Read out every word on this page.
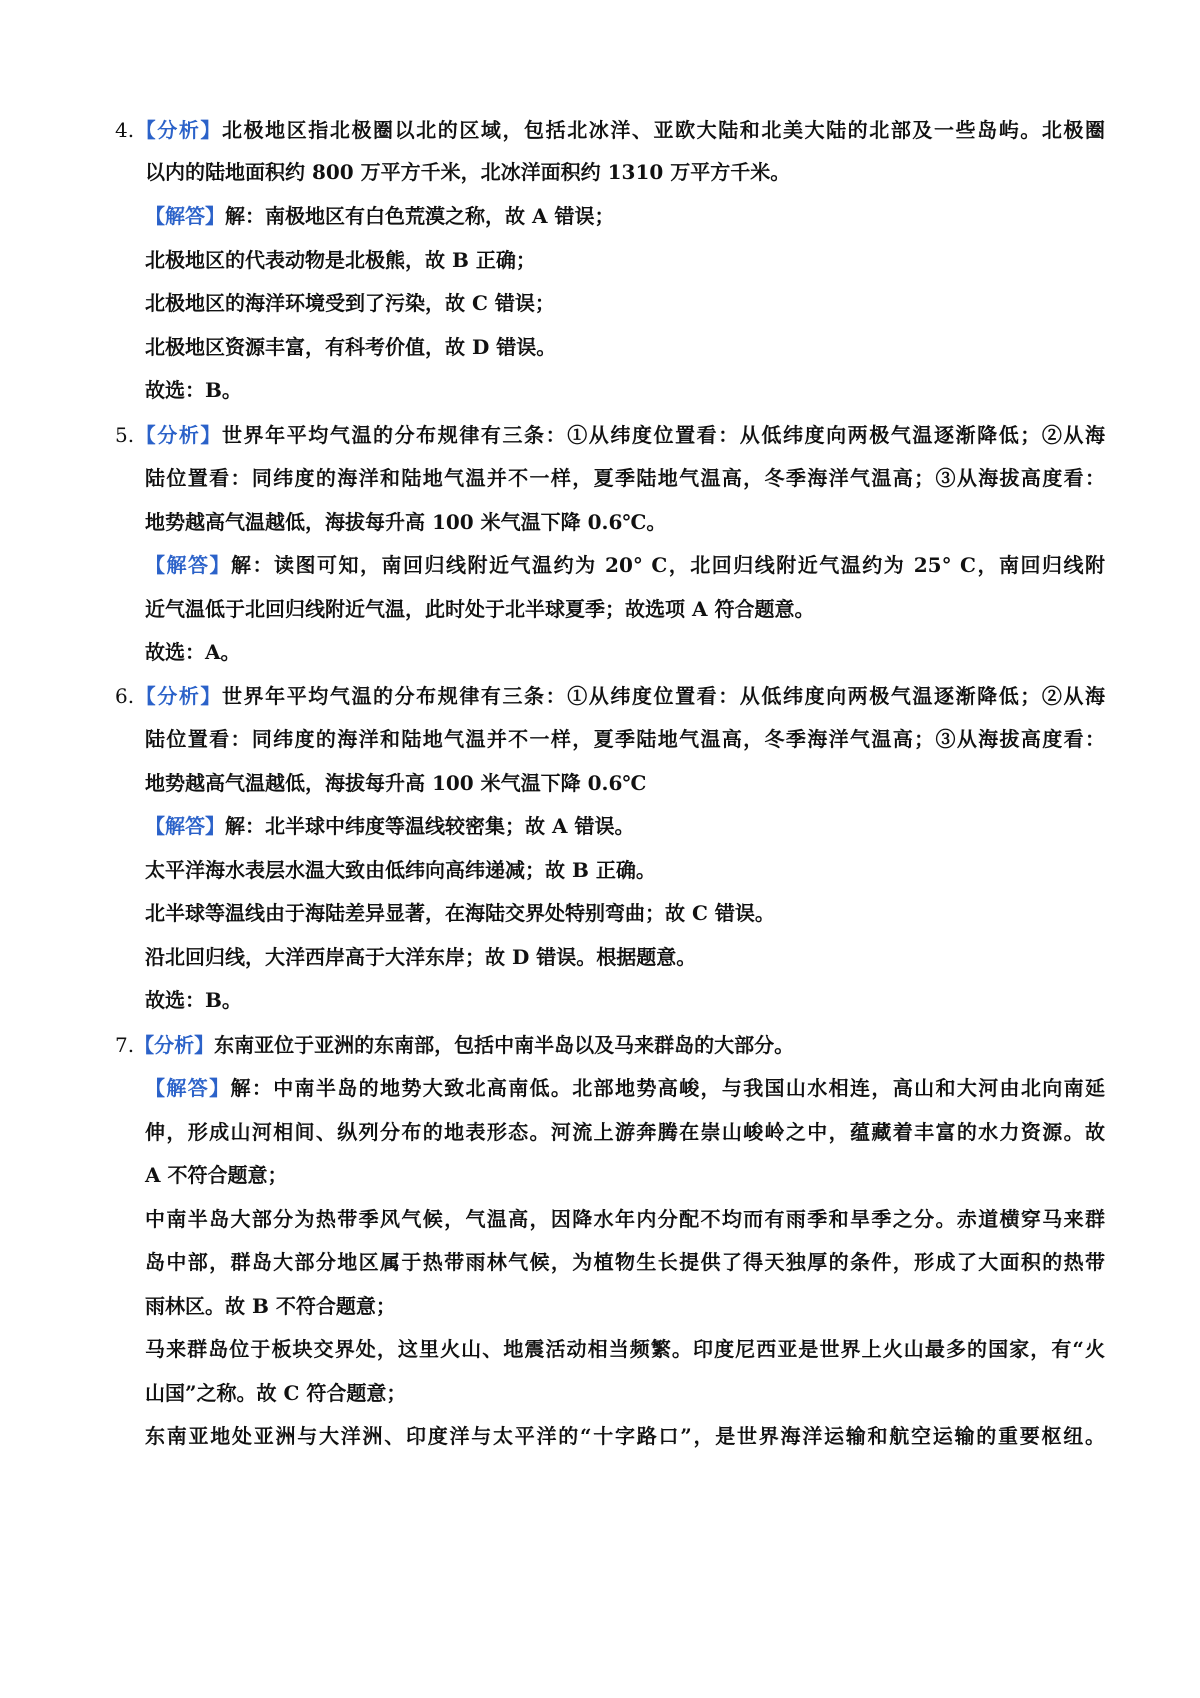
4.【分析】北极地区指北极圈以北的区域，包括北冰洋、亚欧大陆和北美大陆的北部及一些岛屿。北极圈
以内的陆地面积约 800 万平方千米，北冰洋面积约 1310 万平方千米。
【解答】解：南极地区有白色荒漠之称，故 A 错误；
北极地区的代表动物是北极熊，故 B 正确；
北极地区的海洋环境受到了污染，故 C 错误；
北极地区资源丰富，有科考价值，故 D 错误。
故选：B。
5.【分析】世界年平均气温的分布规律有三条：①从纬度位置看：从低纬度向两极气温逐渐降低；②从海
陆位置看：同纬度的海洋和陆地气温并不一样，夏季陆地气温高，冬季海洋气温高；③从海拔高度看：
地势越高气温越低，海拔每升高 100 米气温下降 0.6℃。
【解答】解：读图可知，南回归线附近气温约为 20° C，北回归线附近气温约为 25° C，南回归线附
近气温低于北回归线附近气温，此时处于北半球夏季；故选项 A 符合题意。
故选：A。
6.【分析】世界年平均气温的分布规律有三条：①从纬度位置看：从低纬度向两极气温逐渐降低；②从海
陆位置看：同纬度的海洋和陆地气温并不一样，夏季陆地气温高，冬季海洋气温高；③从海拔高度看：
地势越高气温越低，海拔每升高 100 米气温下降 0.6℃
【解答】解：北半球中纬度等温线较密集；故 A 错误。
太平洋海水表层水温大致由低纬向高纬递减；故 B 正确。
北半球等温线由于海陆差异显著，在海陆交界处特别弯曲；故 C 错误。
沿北回归线，大洋西岸高于大洋东岸；故 D 错误。根据题意。
故选：B。
7.【分析】东南亚位于亚洲的东南部，包括中南半岛以及马来群岛的大部分。
【解答】解：中南半岛的地势大致北高南低。北部地势高峻，与我国山水相连，高山和大河由北向南延
伸，形成山河相间、纵列分布的地表形态。河流上游奔腾在崇山峻岭之中，蕴藏着丰富的水力资源。故
A 不符合题意；
中南半岛大部分为热带季风气候，气温高，因降水年内分配不均而有雨季和旱季之分。赤道横穿马来群
岛中部，群岛大部分地区属于热带雨林气候，为植物生长提供了得天独厚的条件，形成了大面积的热带
雨林区。故 B 不符合题意；
马来群岛位于板块交界处，这里火山、地震活动相当频繁。印度尼西亚是世界上火山最多的国家，有“火
山国”之称。故 C 符合题意；
东南亚地处亚洲与大洋洲、印度洋与太平洋的“十字路口”，是世界海洋运输和航空运输的重要枢纽。
